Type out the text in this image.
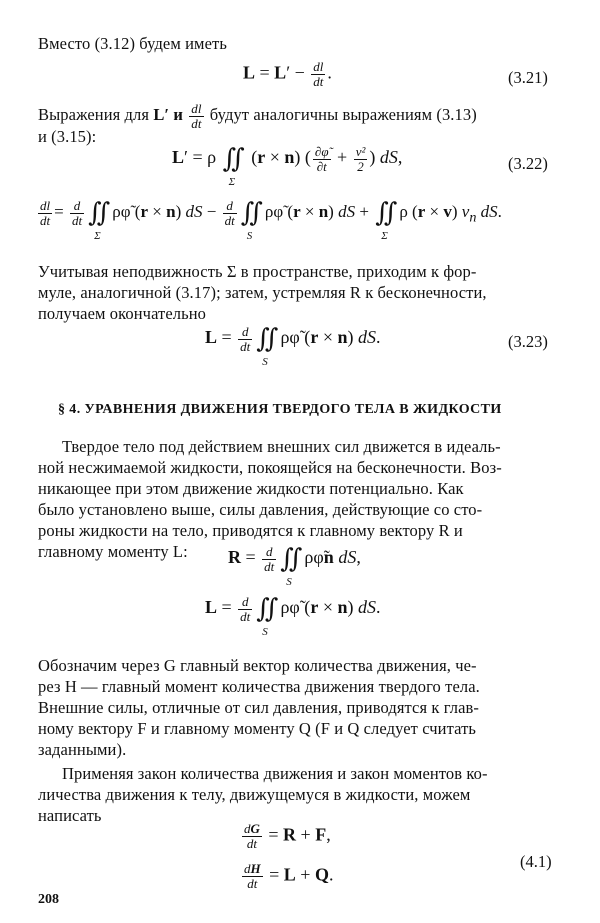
Вместо (3.12) будем иметь

$L = L' - \frac{dl}{dt}$ .	(3.21)
Выражения для L′ и $\frac{dl}{dt}$ будут аналогичны выражениям (3.13)

и (3.15):

L′ = ρ ∬
Σ
(r × n) ( $\frac{\partial\varphĩ}{\partial t} + \frac{\text{v²}}{2}$ ) dS,	(3.22)
$\frac{dl}{dt} = \frac{d}{dt}$ ∬
Σ
ρφ̃ (r × n) dS − $\frac{d}{dt}$ ∬
S
ρφ̃ (r × n) dS + ∬
Σ
ρ (r × v) $v_n$ dS.

Учитывая неподвижность Σ в пространстве, приходим к фор-

муле, аналогичной (3.17); затем, устремляя R к бесконечности,

получаем окончательно

$L = \frac{d}{dt}$ ∬
S
ρφ̃ (r × n) dS.	(3.23)
§ 4. УРАВНЕНИЯ ДВИЖЕНИЯ ТВЕРДОГО ТЕЛА В ЖИДКОСТИ

Твердое тело под действием внешних сил движется в идеаль-

ной несжимаемой жидкости, покоящейся на бесконечности. Воз-

никающее при этом движение жидкости потенциально. Как

было установлено выше, силы давления, действующие со сто-

роны жидкости на тело, приводятся к главному вектору R и

главному моменту L: $R = \frac{d}{dt}$ ∬
S
ρφ̃n dS,
$L = \frac{d}{dt}$ ∬
S
ρφ̃ (r × n) dS.

Обозначим через G главный вектор количества движения, че-

рез H — главный момент количества движения твердого тела.

Внешние силы, отличные от сил давления, приводятся к глав-

ному вектору F и главному моменту Q (F и Q следует считать

заданными).

Применяя закон количества движения и закон моментов ко-

личества движения к телу, движущемуся в жидкости, можем

написать

$\frac{dG}{dt} = R + F$,
$\frac{dH}{dt} = L + Q$.
(4.1)
208
